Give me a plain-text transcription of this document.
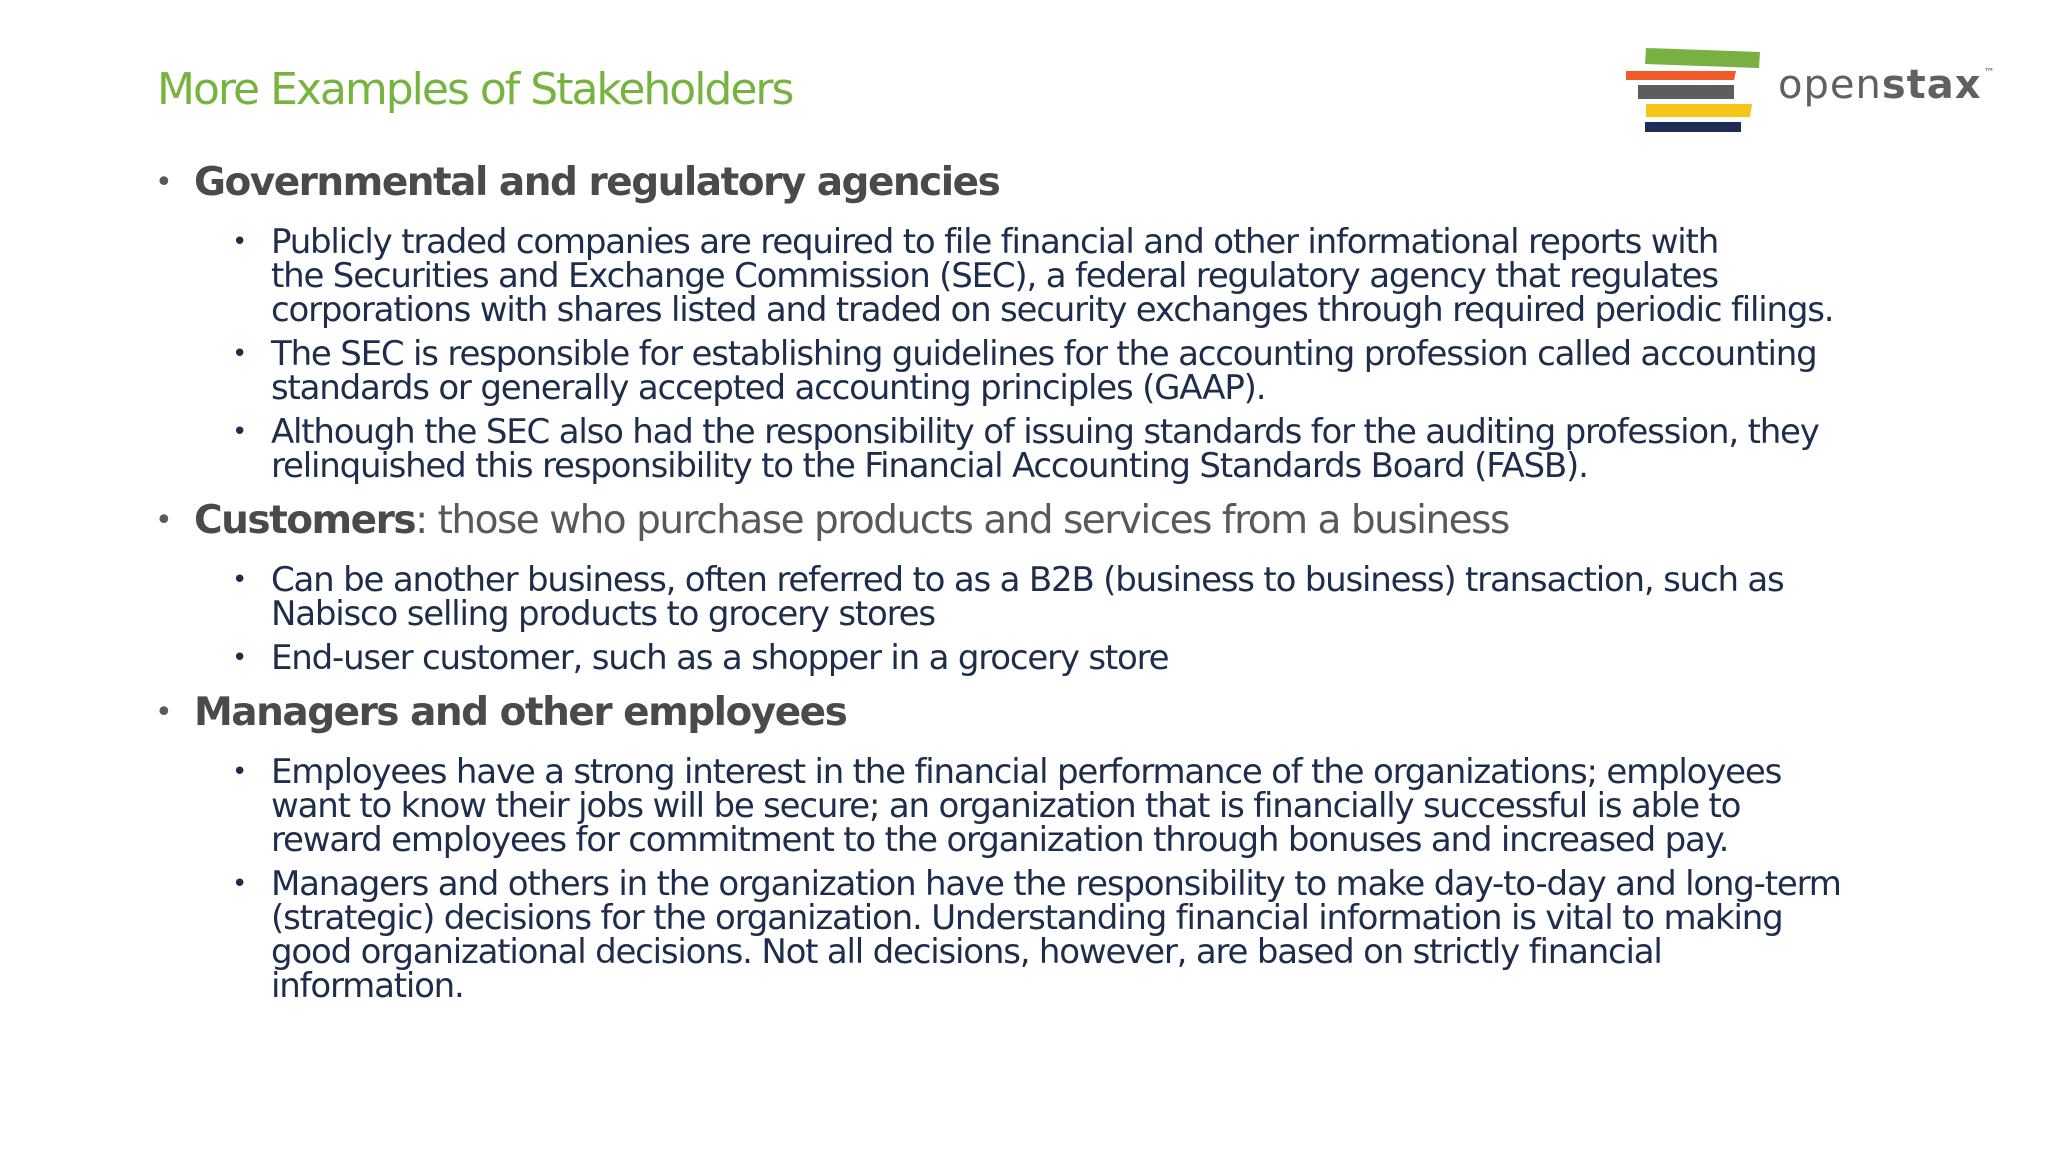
More Examples of Stakeholders	openstax ™
• Governmental and regulatory agencies
• Publicly traded companies are required to file financial and other informational reports with
the Securities and Exchange Commission (SEC), a federal regulatory agency that regulates
corporations with shares listed and traded on security exchanges through required periodic filings.
• The SEC is responsible for establishing guidelines for the accounting profession called accounting
standards or generally accepted accounting principles (GAAP).
• Although the SEC also had the responsibility of issuing standards for the auditing profession, they
relinquished this responsibility to the Financial Accounting Standards Board (FASB).
• Customers: those who purchase products and services from a business
• Can be another business, often referred to as a B2B (business to business) transaction, such as
Nabisco selling products to grocery stores
• End-user customer, such as a shopper in a grocery store
• Managers and other employees
• Employees have a strong interest in the financial performance of the organizations; employees
want to know their jobs will be secure; an organization that is financially successful is able to
reward employees for commitment to the organization through bonuses and increased pay.
• Managers and others in the organization have the responsibility to make day-to-day and long-term
(strategic) decisions for the organization. Understanding financial information is vital to making
good organizational decisions. Not all decisions, however, are based on strictly financial
information.
